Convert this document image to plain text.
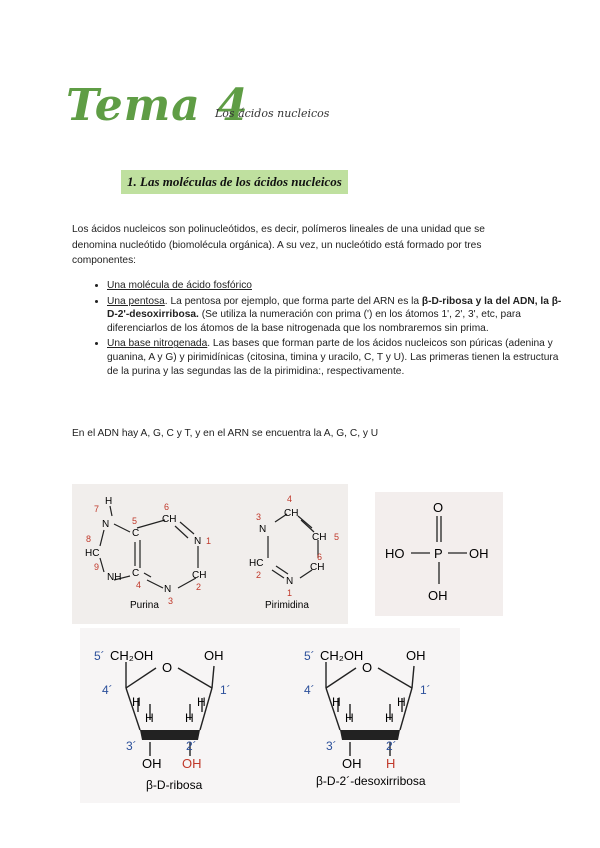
Tema 4
Los ácidos nucleicos
1. Las moléculas de los ácidos nucleicos
Los ácidos nucleicos son polinucleótidos, es decir, polímeros lineales de una unidad que se denomina nucleótido (biomolécula orgánica). A su vez, un nucleótido está formado por tres componentes:
• Una molécula de ácido fosfórico
• Una pentosa. La pentosa por ejemplo, que forma parte del ARN es la β-D-ribosa y la del ADN, la β-D-2'-desoxirribosa. (Se utiliza la numeración con prima (') en los átomos 1', 2', 3', etc, para diferenciarlos de los átomos de la base nitrogenada que los nombraremos sin prima.
• Una base nitrogenada. Las bases que forman parte de los ácidos nucleicos son púricas (adenina y guanina, A y G) y pirimidínicas (citosina, timina y uracilo, C, T y U). Las primeras tienen la estructura de la purina y las segundas las de la pirimidina:, respectivamente.
En el ADN hay A, G, C y T, y en el ARN se encuentra la A, G, C, y U
H
N
C
CH
N
CH
N
C
NH
HC
1
2
3
4
5
6
7
8
9
Purina
N
CH
CH
CH
N
HC
1
2
3
4
5
6
Pirimidina
O
HO P OH
OH
O
CH₂OH	OH
H	H
H	H
OH OH
5´
4´
3´	2´
1´
β-D-ribosa
O
CH₂OH	OH
H	H
H	H
OH H
5´
4´
3´	2´
1´
β-D-2´-desoxirribosa
